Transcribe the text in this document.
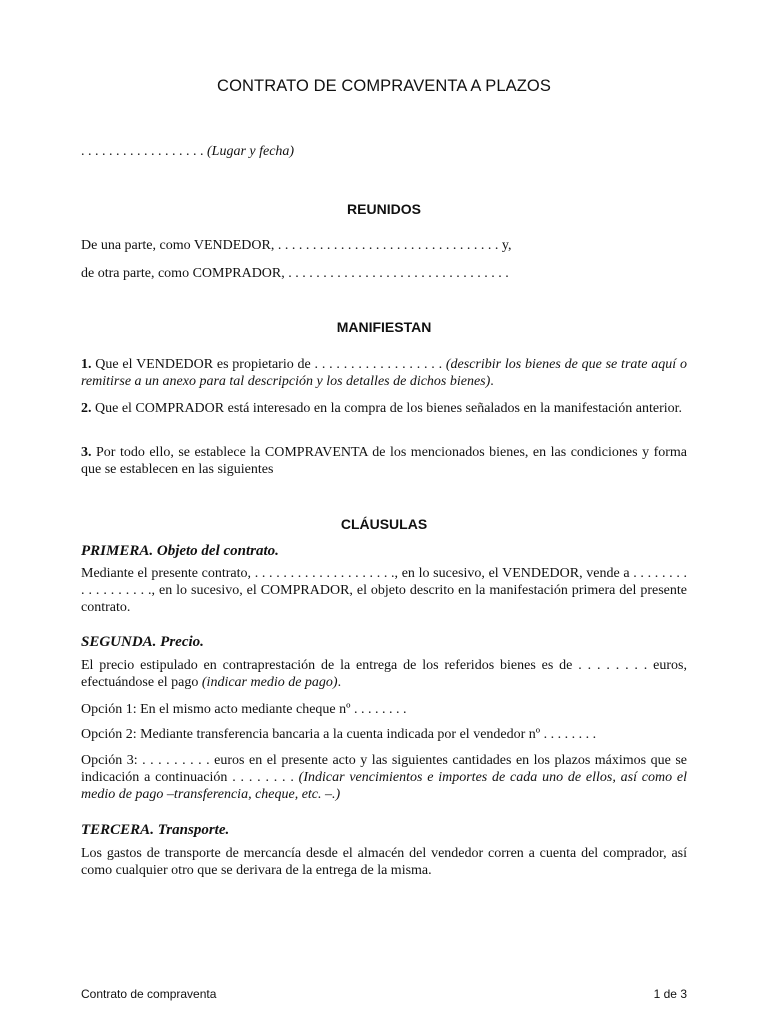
CONTRATO DE COMPRAVENTA A PLAZOS
. . . . . . . . . . . . . . . . . . (Lugar y fecha)
REUNIDOS
De una parte, como VENDEDOR, . . . . . . . . . . . . . . . . . . . . . . . . . . . . . . . . y,
de otra parte, como COMPRADOR, . . . . . . . . . . . . . . . . . . . . . . . . . . . . . . . .
MANIFIESTAN
1. Que el VENDEDOR es propietario de . . . . . . . . . . . . . . . . . . (describir los bienes de que se trate aquí o remitirse a un anexo para tal descripción y los detalles de dichos bienes).
2. Que el COMPRADOR está interesado en la compra de los bienes señalados en la manifestación anterior.
3. Por todo ello, se establece la COMPRAVENTA de los mencionados bienes, en las condiciones y forma que se establecen en las siguientes
CLÁUSULAS
PRIMERA. Objeto del contrato.
Mediante el presente contrato, . . . . . . . . . . . . . . . . . . . ., en lo sucesivo, el VENDEDOR, vende a . . . . . . . . . . . . . . . . . ., en lo sucesivo, el COMPRADOR, el objeto descrito en la manifestación primera del presente contrato.
SEGUNDA. Precio.
El precio estipulado en contraprestación de la entrega de los referidos bienes es de . . . . . . . . euros, efectuándose el pago (indicar medio de pago).
Opción 1: En el mismo acto mediante cheque nº . . . . . . . .
Opción 2: Mediante transferencia bancaria a la cuenta indicada por el vendedor nº . . . . . . . .
Opción 3: . . . . . . . . . euros en el presente acto y las siguientes cantidades en los plazos máximos que se indicación a continuación . . . . . . . . (Indicar vencimientos e importes de cada uno de ellos, así como el medio de pago –transferencia, cheque, etc. –.)
TERCERA. Transporte.
Los gastos de transporte de mercancía desde el almacén del vendedor corren a cuenta del comprador, así como cualquier otro que se derivara de la entrega de la misma.
Contrato de compraventa	1 de 3
